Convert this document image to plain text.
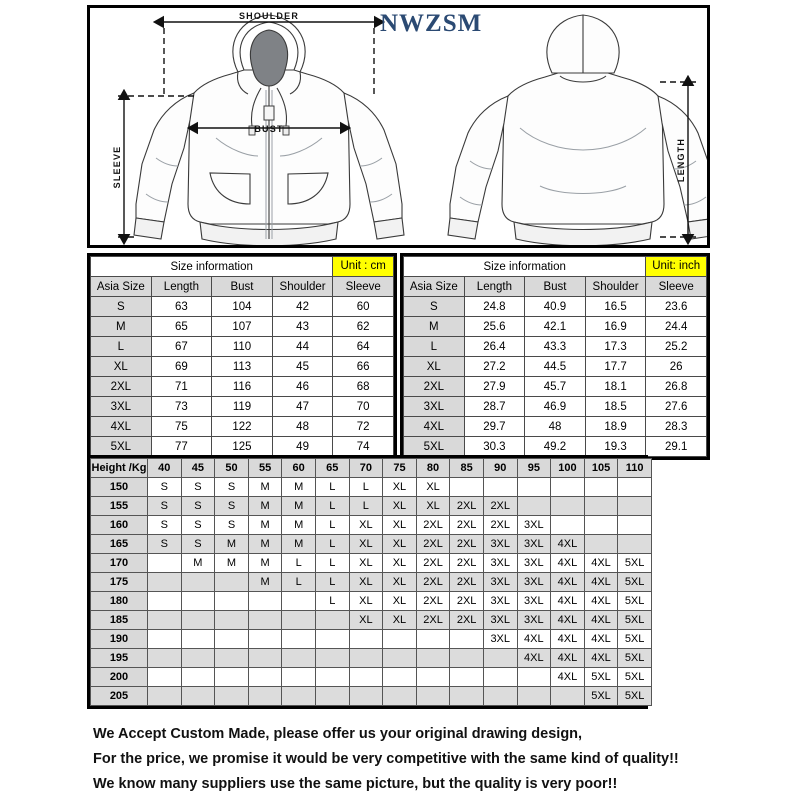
NWZSM
SHOULDER
BUST
SLEEVE	LENGTH
Size information				Unit : cm
Asia Size	Length	Bust	Shoulder	Sleeve
S	63	104	42	60
M	65	107	43	62
L	67	110	44	64
XL	69	113	45	66
2XL	71	116	46	68
3XL	73	119	47	70
4XL	75	122	48	72
5XL	77	125	49	74
Size information				Unit: inch
Asia Size	Length	Bust	Shoulder	Sleeve
S	24.8	40.9	16.5	23.6
M	25.6	42.1	16.9	24.4
L	26.4	43.3	17.3	25.2
XL	27.2	44.5	17.7	26
2XL	27.9	45.7	18.1	26.8
3XL	28.7	46.9	18.5	27.6
4XL	29.7	48	18.9	28.3
5XL	30.3	49.2	19.3	29.1
Height /Kg	40	45	50	55	60	65	70	75	80	85	90	95	100	105	110
150	S	S	S	M	M	L	L	XL	XL						
155	S	S	S	M	M	L	L	XL	XL	2XL	2XL				
160	S	S	S	M	M	L	XL	XL	2XL	2XL	2XL	3XL			
165	S	S	M	M	M	L	XL	XL	2XL	2XL	3XL	3XL	4XL		
170		M	M	M	L	L	XL	XL	2XL	2XL	3XL	3XL	4XL	4XL	5XL
175				M	L	L	XL	XL	2XL	2XL	3XL	3XL	4XL	4XL	5XL
180						L	XL	XL	2XL	2XL	3XL	3XL	4XL	4XL	5XL
185							XL	XL	2XL	2XL	3XL	3XL	4XL	4XL	5XL
190											3XL	4XL	4XL	4XL	5XL
195												4XL	4XL	4XL	5XL
200													4XL	5XL	5XL
205														5XL	5XL
We Accept Custom Made, please offer us your original drawing design,
For the price, we promise it would be very competitive with the same kind of quality!!
We know many suppliers use the same picture, but the quality is very poor!!
